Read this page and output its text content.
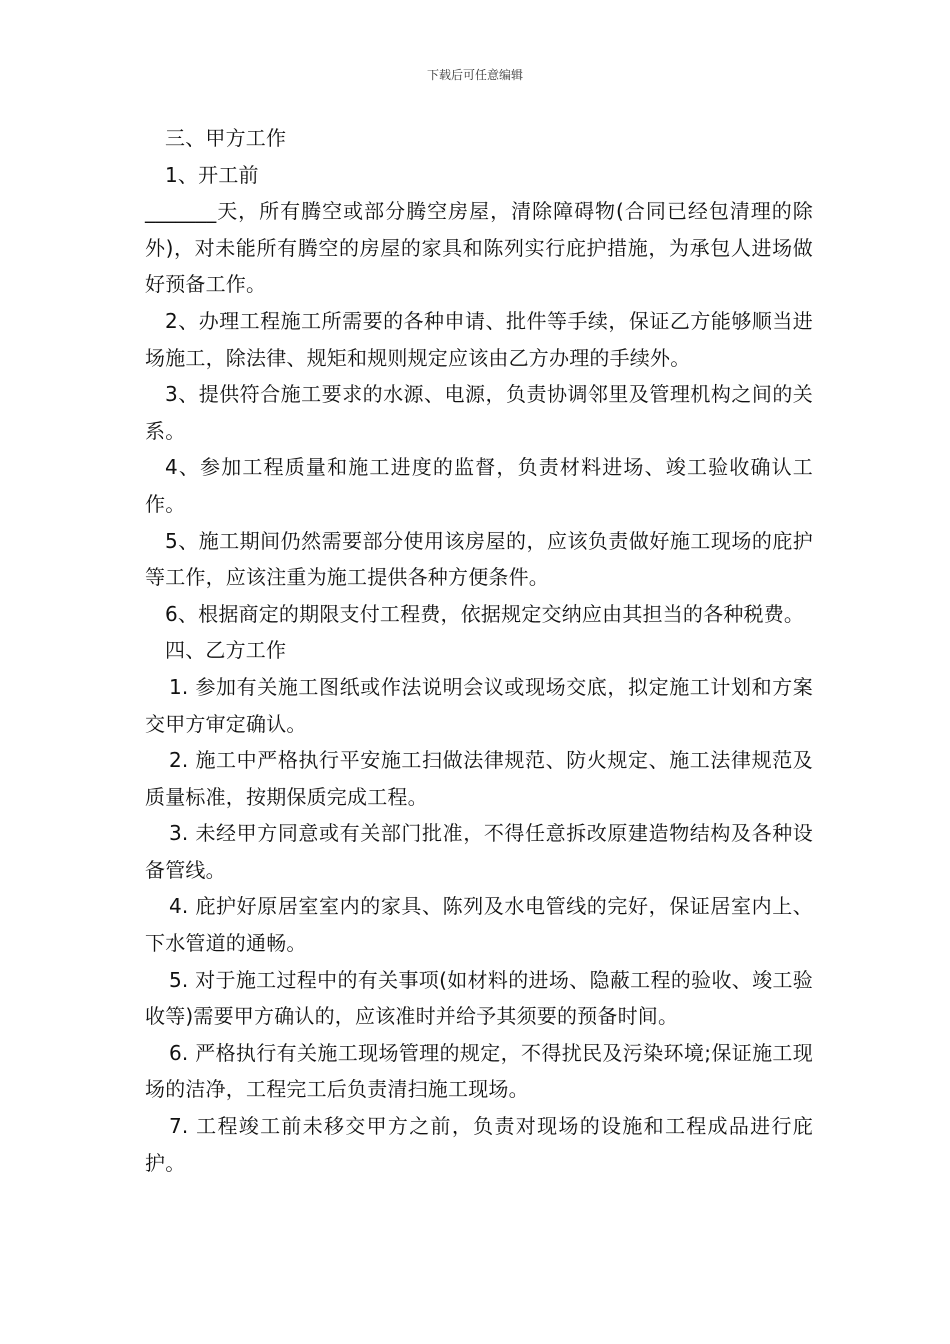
下载后可任意编辑

三、甲方工作

1、开工前

_______天，所有腾空或部分腾空房屋，清除障碍物(合同已经包清理的除外)，对未能所有腾空的房屋的家具和陈列实行庇护措施，为承包人进场做好预备工作。

2、办理工程施工所需要的各种申请、批件等手续，保证乙方能够顺当进场施工，除法律、规矩和规则规定应该由乙方办理的手续外。

3、提供符合施工要求的水源、电源，负责协调邻里及管理机构之间的关系。

4、参加工程质量和施工进度的监督，负责材料进场、竣工验收确认工作。

5、施工期间仍然需要部分使用该房屋的，应该负责做好施工现场的庇护等工作，应该注重为施工提供各种方便条件。

6、根据商定的期限支付工程费，依据规定交纳应由其担当的各种税费。

四、乙方工作

1. 参加有关施工图纸或作法说明会议或现场交底，拟定施工计划和方案交甲方审定确认。

2. 施工中严格执行平安施工扫做法律规范、防火规定、施工法律规范及质量标准，按期保质完成工程。

3. 未经甲方同意或有关部门批准，不得任意拆改原建造物结构及各种设备管线。

4. 庇护好原居室室内的家具、陈列及水电管线的完好，保证居室内上、下水管道的通畅。

5. 对于施工过程中的有关事项(如材料的进场、隐蔽工程的验收、竣工验收等)需要甲方确认的，应该准时并给予其须要的预备时间。

6. 严格执行有关施工现场管理的规定，不得扰民及污染环境;保证施工现场的洁净，工程完工后负责清扫施工现场。

7. 工程竣工前未移交甲方之前，负责对现场的设施和工程成品进行庇护。
